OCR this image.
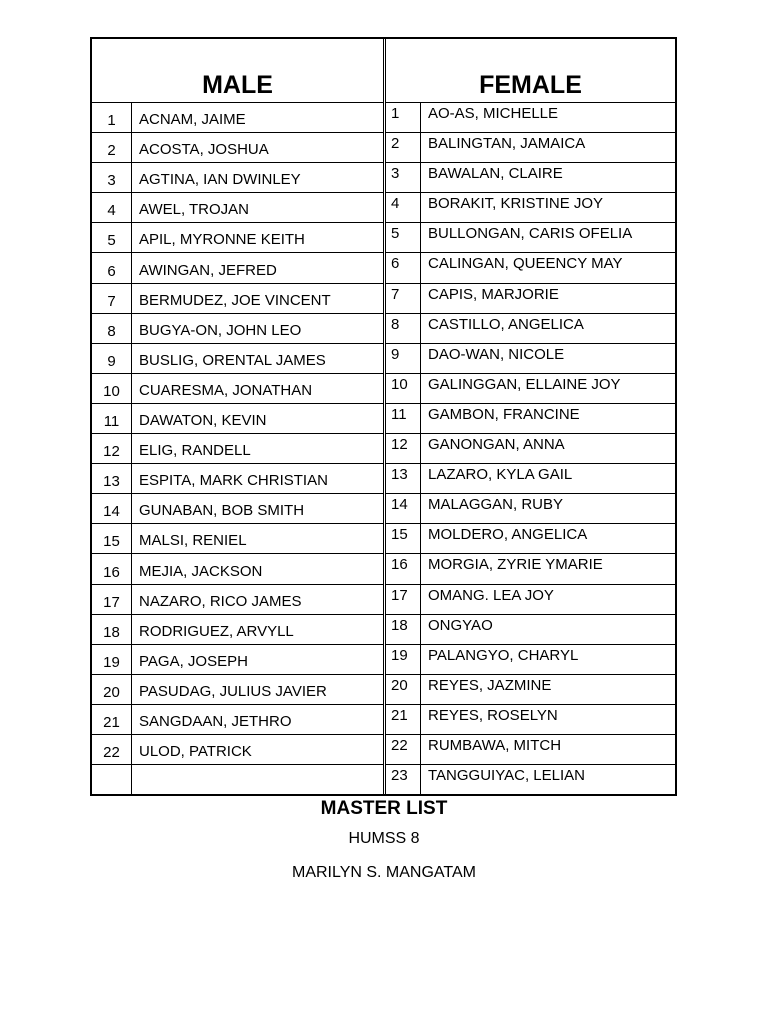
MALE
1	ACNAM, JAIME
2	ACOSTA, JOSHUA
3	AGTINA, IAN DWINLEY
4	AWEL, TROJAN
5	APIL, MYRONNE KEITH
6	AWINGAN, JEFRED
7	BERMUDEZ, JOE VINCENT
8	BUGYA-ON, JOHN LEO
9	BUSLIG, ORENTAL JAMES
10	CUARESMA, JONATHAN
11	DAWATON, KEVIN
12	ELIG, RANDELL
13	ESPITA, MARK CHRISTIAN
14	GUNABAN, BOB SMITH
15	MALSI, RENIEL
16	MEJIA, JACKSON
17	NAZARO, RICO JAMES
18	RODRIGUEZ, ARVYLL
19	PAGA, JOSEPH
20	PASUDAG, JULIUS JAVIER
21	SANGDAAN, JETHRO
22	ULOD, PATRICK
FEMALE
1	AO-AS, MICHELLE
2	BALINGTAN, JAMAICA
3	BAWALAN, CLAIRE
4	BORAKIT, KRISTINE JOY
5	BULLONGAN, CARIS OFELIA
6	CALINGAN, QUEENCY MAY
7	CAPIS, MARJORIE
8	CASTILLO, ANGELICA
9	DAO-WAN, NICOLE
10	GALINGGAN, ELLAINE JOY
11	GAMBON, FRANCINE
12	GANONGAN, ANNA
13	LAZARO, KYLA GAIL
14	MALAGGAN, RUBY
15	MOLDERO, ANGELICA
16	MORGIA, ZYRIE YMARIE
17	OMANG. LEA JOY
18	ONGYAO
19	PALANGYO, CHARYL
20	REYES, JAZMINE
21	REYES, ROSELYN
22	RUMBAWA, MITCH
23	TANGGUIYAC, LELIAN
MASTER LIST
HUMSS 8
MARILYN S. MANGATAM
